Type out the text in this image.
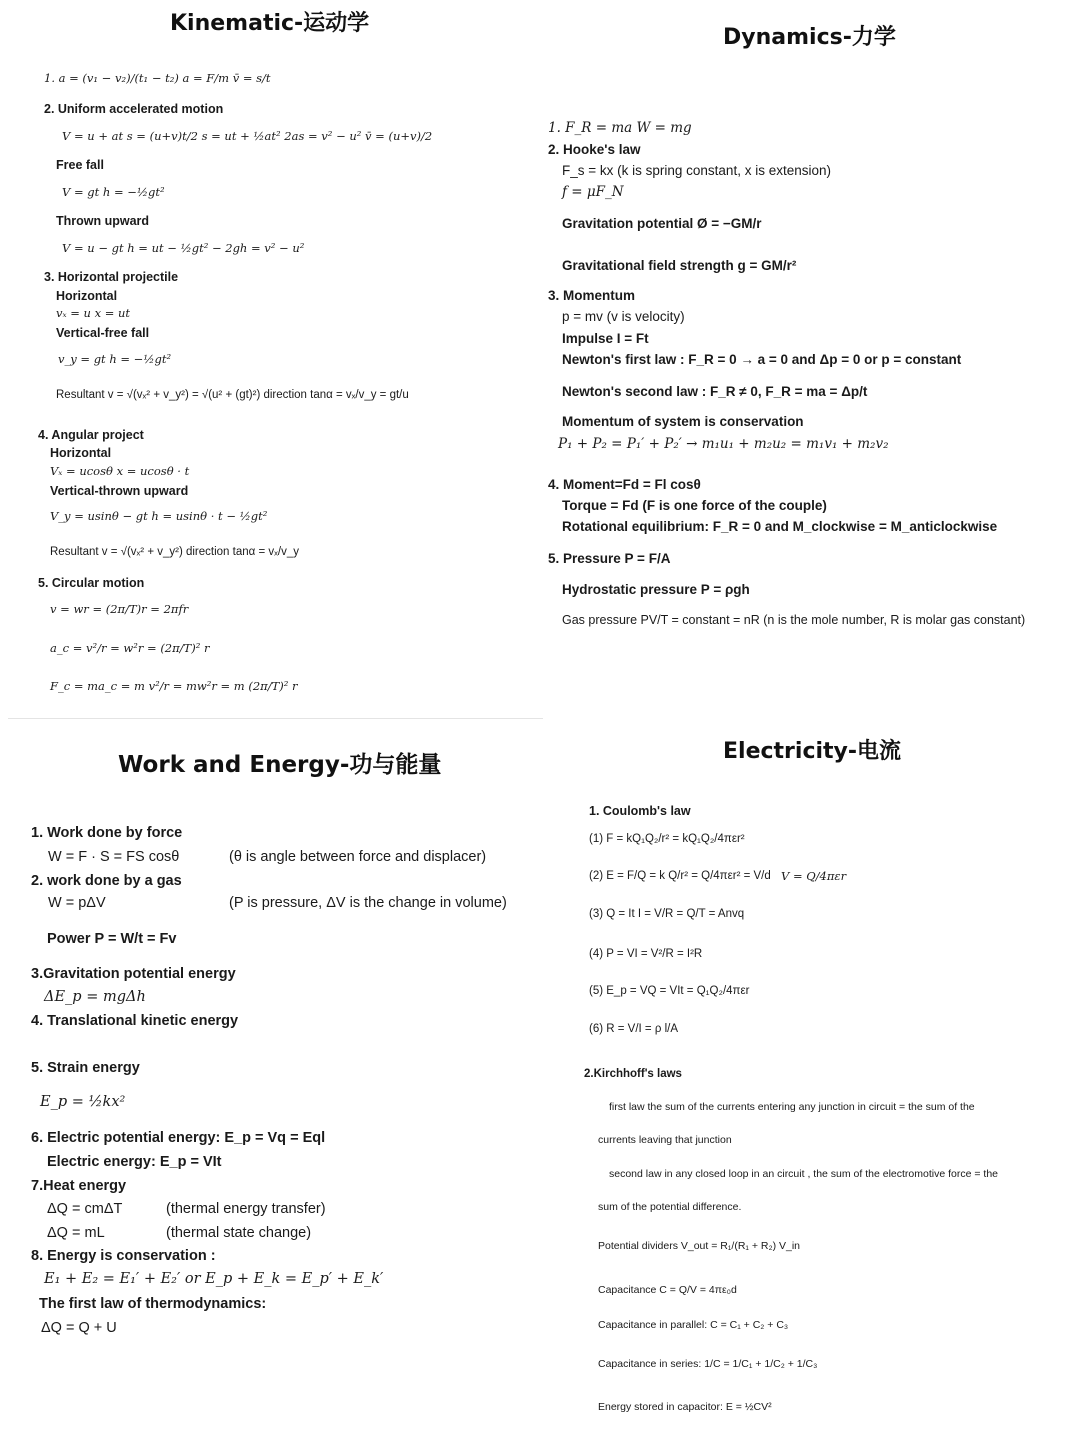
Kinematic-运动学
1. a = (v₁ − v₂)/(t₁ − t₂) a = F/m v̄ = s/t
2. Uniform accelerated motion
V = u + at s = (u+v)t/2 s = ut + ½at² 2as = v² − u² v̄ = (u+v)/2
Free fall
V = gt h = −½gt²
Thrown upward
V = u − gt h = ut − ½gt² − 2gh = v² − u²
3. Horizontal projectile
Horizontal
vₓ = u x = ut
Vertical-free fall
v_y = gt h = −½gt²
Resultant v = √(vₓ² + v_y²) = √(u² + (gt)²) direction tanα = vₓ/v_y = gt/u
4. Angular project
Horizontal
Vₓ = ucosθ x = ucosθ · t
Vertical-thrown upward
V_y = usinθ − gt h = usinθ · t − ½gt²
Resultant v = √(vₓ² + v_y²) direction tanα = vₓ/v_y
5. Circular motion
v = wr = (2π/T)r = 2πfr
a_c = v²/r = w²r = (2π/T)² r
F_c = ma_c = m v²/r = mw²r = m (2π/T)² r
Dynamics-力学
1. F_R = ma W = mg
2. Hooke's law
F_s = kx (k is spring constant, x is extension)
f = μF_N
Gravitation potential Ø = −GM/r
Gravitational field strength g = GM/r²
3. Momentum
p = mv (v is velocity)
Impulse I = Ft
Newton's first law : F_R = 0 → a = 0 and Δp = 0 or p = constant
Newton's second law : F_R ≠ 0, F_R = ma = Δp/t
Momentum of system is conservation
P₁ + P₂ = P₁′ + P₂′ → m₁u₁ + m₂u₂ = m₁v₁ + m₂v₂
4. Moment=Fd = Fl cosθ
Torque = Fd (F is one force of the couple)
Rotational equilibrium: F_R = 0 and M_clockwise = M_anticlockwise
5. Pressure P = F/A
Hydrostatic pressure P = ρgh
Gas pressure PV/T = constant = nR (n is the mole number, R is molar gas constant)
Work and Energy-功与能量
1. Work done by force
W = F · S = FS cosθ	(θ is angle between force and displacer)
2. work done by a gas
W = pΔV	(P is pressure, ΔV is the change in volume)
Power P = W/t = Fv
3.Gravitation potential energy
ΔE_p = mgΔh
4. Translational kinetic energy
5. Strain energy
E_p = ½kx²
6. Electric potential energy: E_p = Vq = Eql
Electric energy: E_p = VIt
7.Heat energy
ΔQ = cmΔT	(thermal energy transfer)
ΔQ = mL	(thermal state change)
8. Energy is conservation :
E₁ + E₂ = E₁′ + E₂′ or E_p + E_k = E_p′ + E_k′
The first law of thermodynamics:
ΔQ = Q + U
Electricity-电流
1. Coulomb's law
(1) F = kQ₁Q₂/r² = kQ₁Q₂/4πεr²
(2) E = F/Q = k Q/r² = Q/4πεr² = V/d V = Q/4πεr
(3) Q = It I = V/R = Q/T = Anvq
(4) P = VI = V²/R = I²R
(5) E_p = VQ = VIt = Q₁Q₂/4πεr
(6) R = V/I = ρ l/A
2.Kirchhoff's laws
first law the sum of the currents entering any junction in circuit = the sum of the
currents leaving that junction
second law in any closed loop in an circuit , the sum of the electromotive force = the
sum of the potential difference.
Potential dividers V_out = R₁/(R₁ + R₂) V_in
Capacitance C = Q/V = 4πε₀d
Capacitance in parallel: C = C₁ + C₂ + C₃
Capacitance in series: 1/C = 1/C₁ + 1/C₂ + 1/C₃
Energy stored in capacitor: E = ½CV²
